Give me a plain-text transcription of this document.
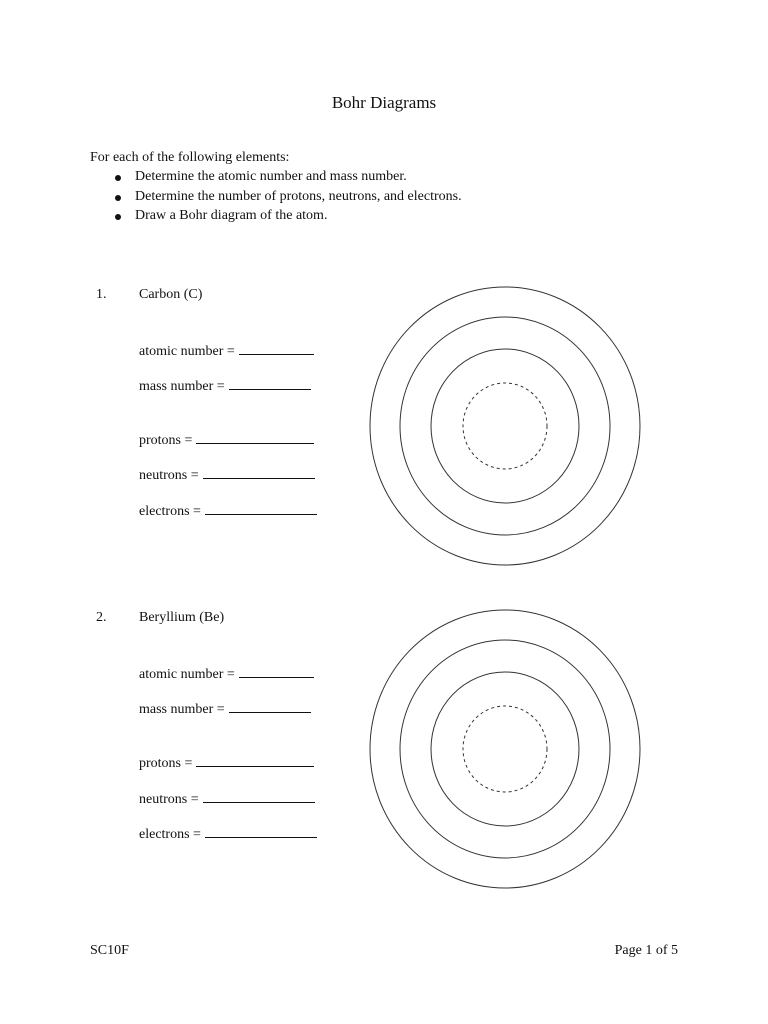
Bohr Diagrams
For each of the following elements:
Determine the atomic number and mass number.
Determine the number of protons, neutrons, and electrons.
Draw a Bohr diagram of the atom.
1. Carbon (C)
atomic number =
mass number =
protons =
neutrons =
electrons =
2. Beryllium (Be)
atomic number =
mass number =
protons =
neutrons =
electrons =
SC10F	Page 1 of 5
